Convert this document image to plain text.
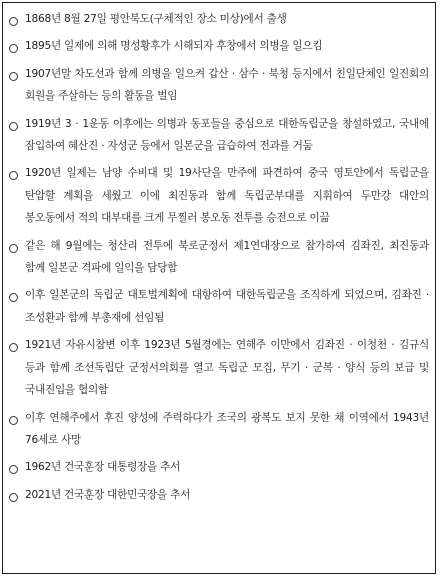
1868년 8월 27일 평안북도(구체적인 장소 미상)에서 출생
1895년 일제에 의해 명성황후가 시해되자 후창에서 의병을 일으킴
1907년말 차도선과 함께 의병을 일으켜 갑산 · 삼수 · 북청 등지에서 친일단체인 일진회의 회원을 주살하는 등의 활동을 벌임
1919년 3 · 1운동 이후에는 의병과 동포들을 중심으로 대한독립군을 창설하였고, 국내에 잠입하여 혜산진 · 자성군 등에서 일본군을 급습하여 전과를 거둠
1920년 일제는 남양 수비대 및 19사단을 만주에 파견하여 중국 영토안에서 독립군을 탄압할 계획을 세웠고 이에 최진동과 함께 독립군부대를 지휘하여 두만강 대안의 봉오동에서 적의 대부대를 크게 무찔러 봉오동 전투를 승전으로 이끎
같은 해 9월에는 청산리 전투에 북로군정서 제1연대장으로 참가하여 김좌진, 최진동과 함께 일본군 격파에 일익을 담당함
이후 일본군의 독립군 대토벌계획에 대항하여 대한독립군을 조직하게 되었으며, 김좌진 · 조성환과 함께 부총재에 선임됨
1921년 자유시참변 이후 1923년 5월경에는 연해주 이만에서 김좌진 · 이청천 · 김규식 등과 함께 조선독립단 군정서의회를 열고 독립군 모집, 무기 · 군복 · 양식 등의 보급 및 국내진입을 협의함
이후 연해주에서 후진 양성에 주력하다가 조국의 광복도 보지 못한 채 이역에서 1943년 76세로 사망
1962년 건국훈장 대통령장을 추서
2021년 건국훈장 대한민국장을 추서
